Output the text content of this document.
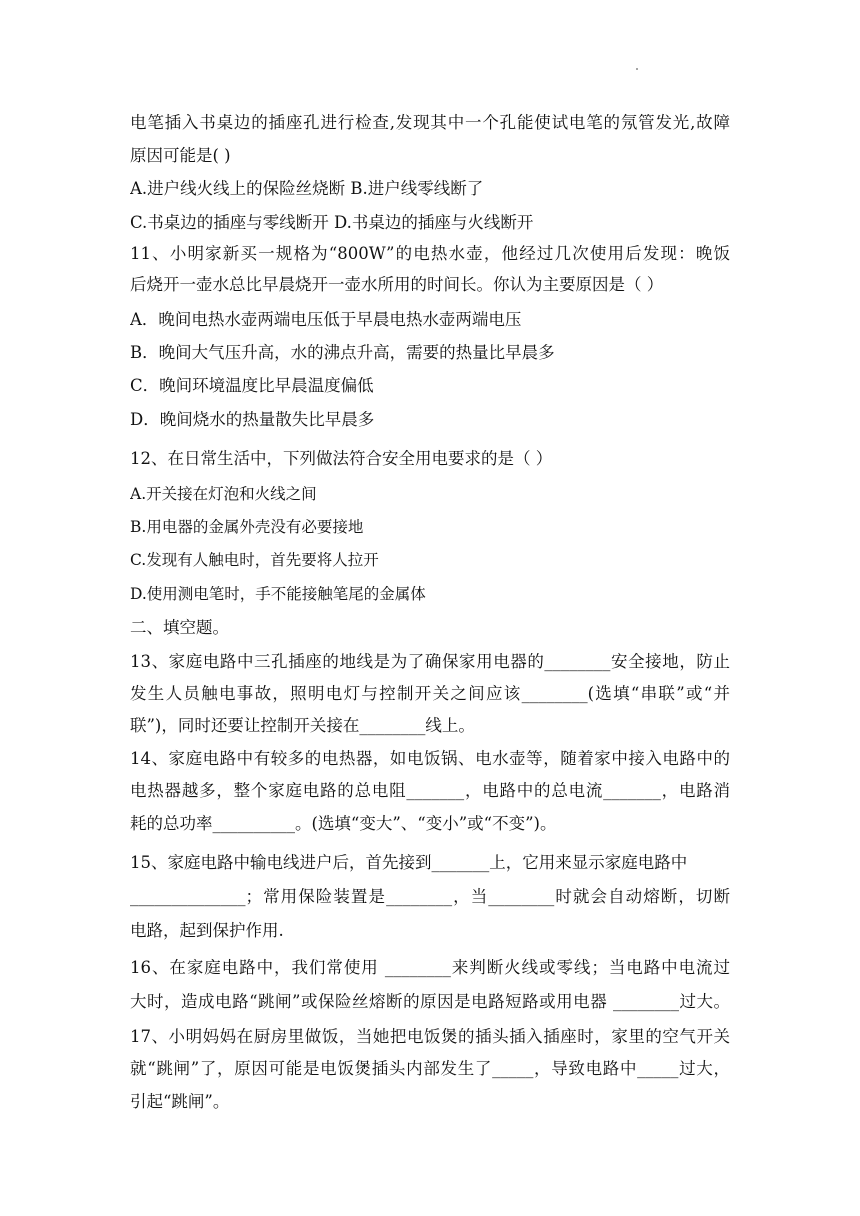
电笔插入书桌边的插座孔进行检查,发现其中一个孔能使试电笔的氖管发光,故障
原因可能是( )
A.进户线火线上的保险丝烧断 B.进户线零线断了
C.书桌边的插座与零线断开 D.书桌边的插座与火线断开
11、小明家新买一规格为“800W”的电热水壶，他经过几次使用后发现：晚饭
后烧开一壶水总比早晨烧开一壶水所用的时间长。你认为主要原因是（ ）
A．晚间电热水壶两端电压低于早晨电热水壶两端电压
B．晚间大气压升高，水的沸点升高，需要的热量比早晨多
C．晚间环境温度比早晨温度偏低
D．晚间烧水的热量散失比早晨多
12、在日常生活中，下列做法符合安全用电要求的是（ ）
A.开关接在灯泡和火线之间
B.用电器的金属外壳没有必要接地
C.发现有人触电时，首先要将人拉开
D.使用测电笔时，手不能接触笔尾的金属体
二、填空题。
13、家庭电路中三孔插座的地线是为了确保家用电器的________安全接地，防止
发生人员触电事故，照明电灯与控制开关之间应该________(选填“串联”或“并
联”)，同时还要让控制开关接在________线上。
14、家庭电路中有较多的电热器，如电饭锅、电水壶等，随着家中接入电路中的
电热器越多，整个家庭电路的总电阻_______，电路中的总电流_______，电路消
耗的总功率__________。(选填“变大”、“变小”或“不变”)。
15、家庭电路中输电线进户后，首先接到_______上，它用来显示家庭电路中
______________；常用保险装置是________，当________时就会自动熔断，切断
电路，起到保护作用.
16、在家庭电路中，我们常使用 ________来判断火线或零线；当电路中电流过
大时，造成电路“跳闸”或保险丝熔断的原因是电路短路或用电器 ________过大。
17、小明妈妈在厨房里做饭，当她把电饭煲的插头插入插座时，家里的空气开关
就“跳闸”了，原因可能是电饭煲插头内部发生了_____，导致电路中_____过大，
引起“跳闸”。
